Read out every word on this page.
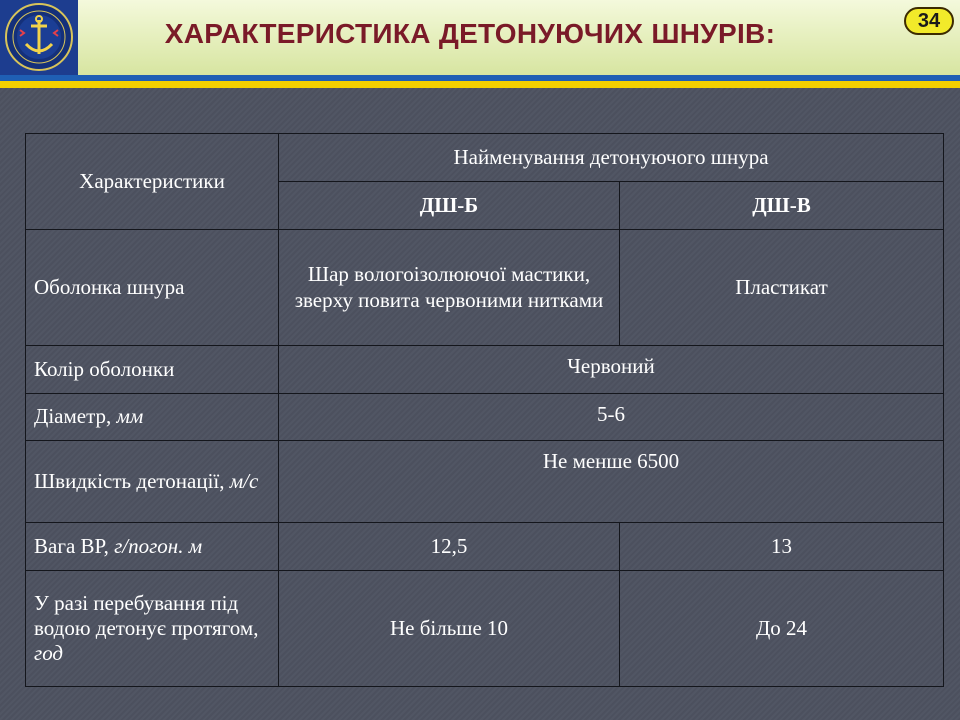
ХАРАКТЕРИСТИКА ДЕТОНУЮЧИХ ШНУРІВ:	34
Характеристики	Найменування детонуючого шнура	
	ДШ-Б	ДШ-В
Оболонка шнура	Шар вологоізолюючої мастики, зверху повита червоними нитками	Пластикат
Колір оболонки	Червоний	
Діаметр, мм	5-6	
Швидкість детонації, м/с	Не менше 6500	
Вага ВР, г/погон. м	12,5	13
У разі перебування під водою детонує протягом, год	Не більше 10	До 24
